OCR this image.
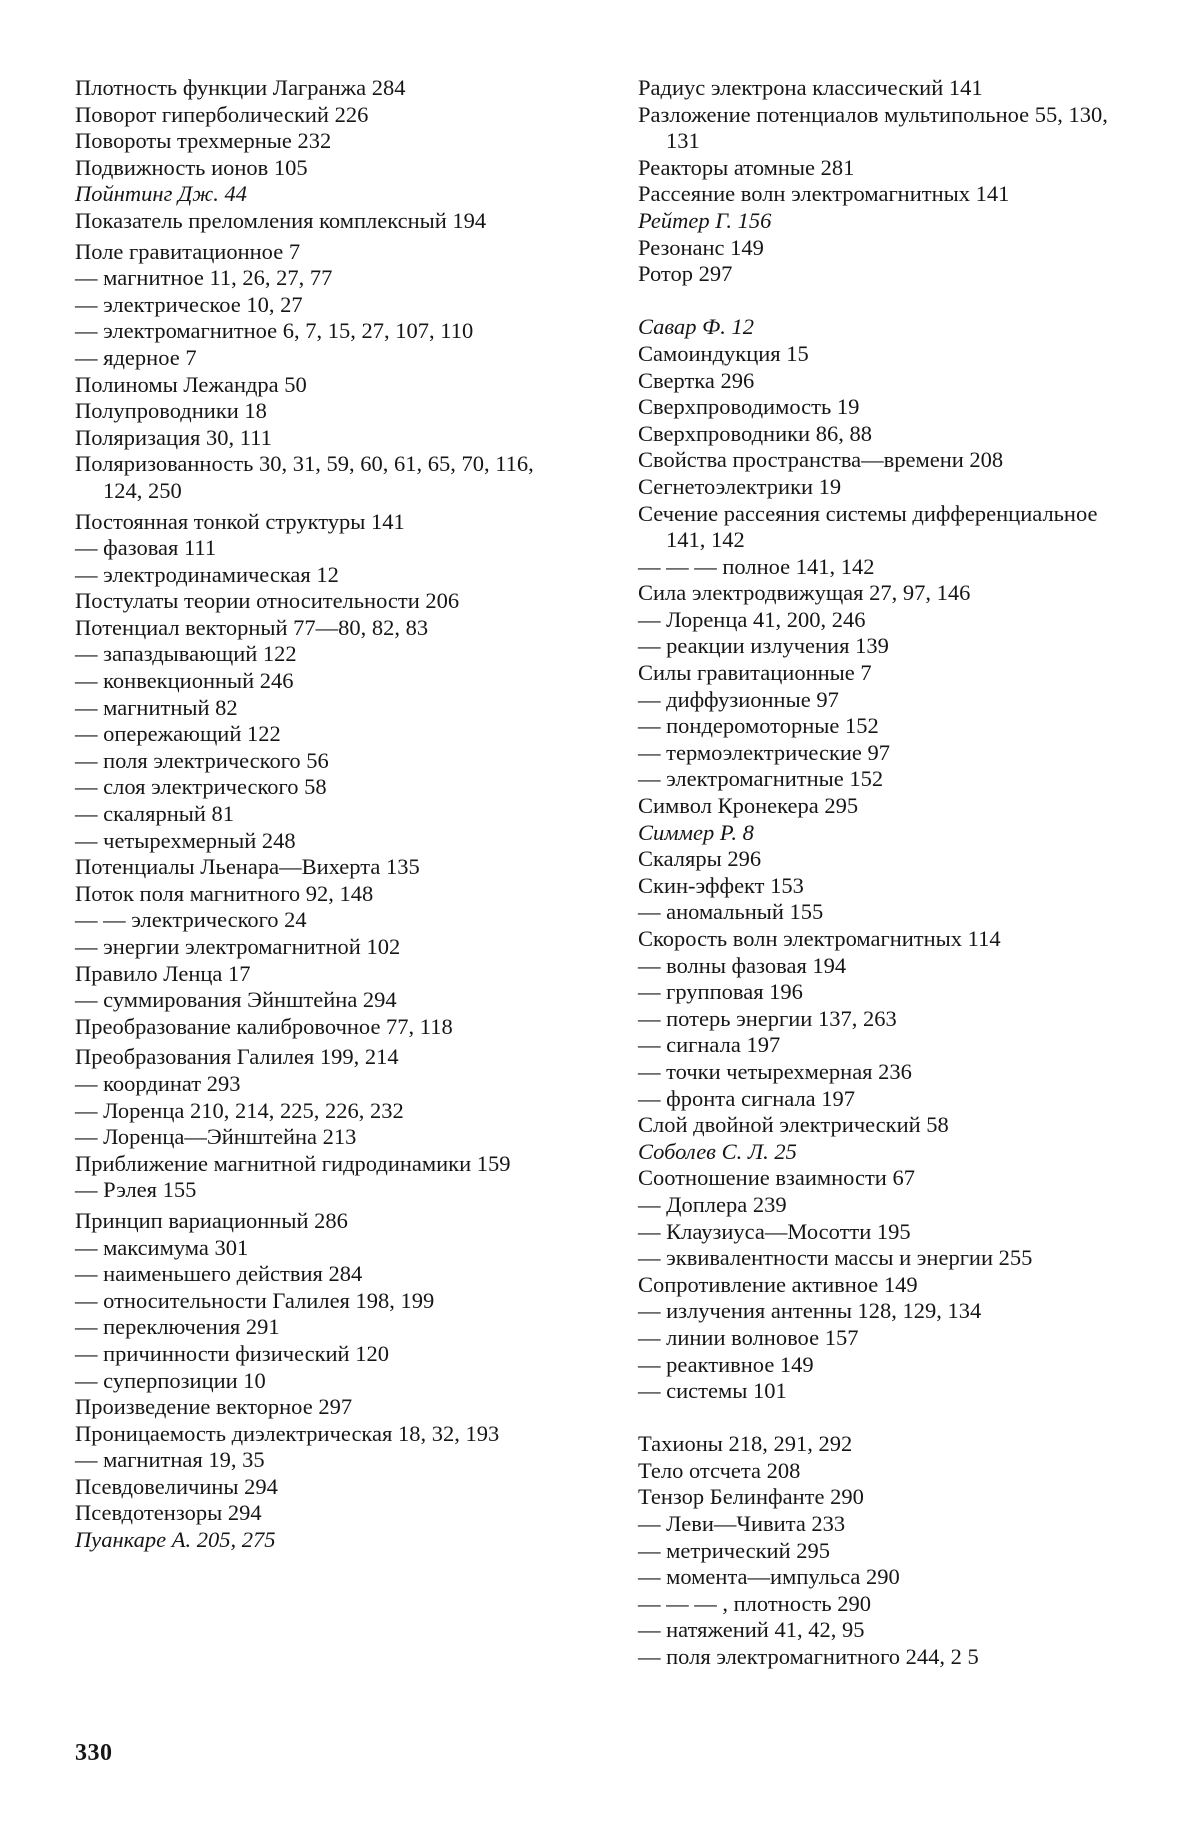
Плотность функции Лагранжа 284

Поворот гиперболический 226

Повороты трехмерные 232

Подвижность ионов 105

Пойнтинг Дж. 44

Показатель преломления комплексный 194

Поле гравитационное 7

— магнитное 11, 26, 27, 77

— электрическое 10, 27

— электромагнитное 6, 7, 15, 27, 107, 110

— ядерное 7

Полиномы Лежандра 50

Полупроводники 18

Поляризация 30, 111

Поляризованность 30, 31, 59, 60, 61, 65, 70, 116, 124, 250

Постоянная тонкой структуры 141

— фазовая 111

— электродинамическая 12

Постулаты теории относительности 206

Потенциал векторный 77—80, 82, 83

— запаздывающий 122

— конвекционный 246

— магнитный 82

— опережающий 122

— поля электрического 56

— слоя электрического 58

— скалярный 81

— четырехмерный 248

Потенциалы Льенара—Вихерта 135

Поток поля магнитного 92, 148

— — электрического 24

— энергии электромагнитной 102

Правило Ленца 17

— суммирования Эйнштейна 294

Преобразование калибровочное 77, 118

Преобразования Галилея 199, 214

— координат 293

— Лоренца 210, 214, 225, 226, 232

— Лоренца—Эйнштейна 213

Приближение магнитной гидродинамики 159

— Рэлея 155

Принцип вариационный 286

— максимума 301

— наименьшего действия 284

— относительности Галилея 198, 199

— переключения 291

— причинности физический 120

— суперпозиции 10

Произведение векторное 297

Проницаемость диэлектрическая 18, 32, 193

— магнитная 19, 35

Псевдовеличины 294

Псевдотензоры 294

Пуанкаре А. 205, 275

Радиус электрона классический 141

Разложение потенциалов мультипольное 55, 130, 131

Реакторы атомные 281

Рассеяние волн электромагнитных 141

Рейтер Г. 156

Резонанс 149

Ротор 297

Савар Ф. 12

Самоиндукция 15

Свертка 296

Сверхпроводимость 19

Сверхпроводники 86, 88

Свойства пространства—времени 208

Сегнетоэлектрики 19

Сечение рассеяния системы дифференциальное 141, 142

— — — полное 141, 142

Сила электродвижущая 27, 97, 146

— Лоренца 41, 200, 246

— реакции излучения 139

Силы гравитационные 7

— диффузионные 97

— пондеромоторные 152

— термоэлектрические 97

— электромагнитные 152

Символ Кронекера 295

Симмер Р. 8

Скаляры 296

Скин-эффект 153

— аномальный 155

Скорость волн электромагнитных 114

— волны фазовая 194

— групповая 196

— потерь энергии 137, 263

— сигнала 197

— точки четырехмерная 236

— фронта сигнала 197

Слой двойной электрический 58

Соболев С. Л. 25

Соотношение взаимности 67

— Доплера 239

— Клаузиуса—Мосотти 195

— эквивалентности массы и энергии 255

Сопротивление активное 149

— излучения антенны 128, 129, 134

— линии волновое 157

— реактивное 149

— системы 101

Тахионы 218, 291, 292

Тело отсчета 208

Тензор Белинфанте 290

— Леви—Чивита 233

— метрический 295

— момента—импульса 290

— — — , плотность 290

— натяжений 41, 42, 95

— поля электромагнитного 244, 2 5

330
